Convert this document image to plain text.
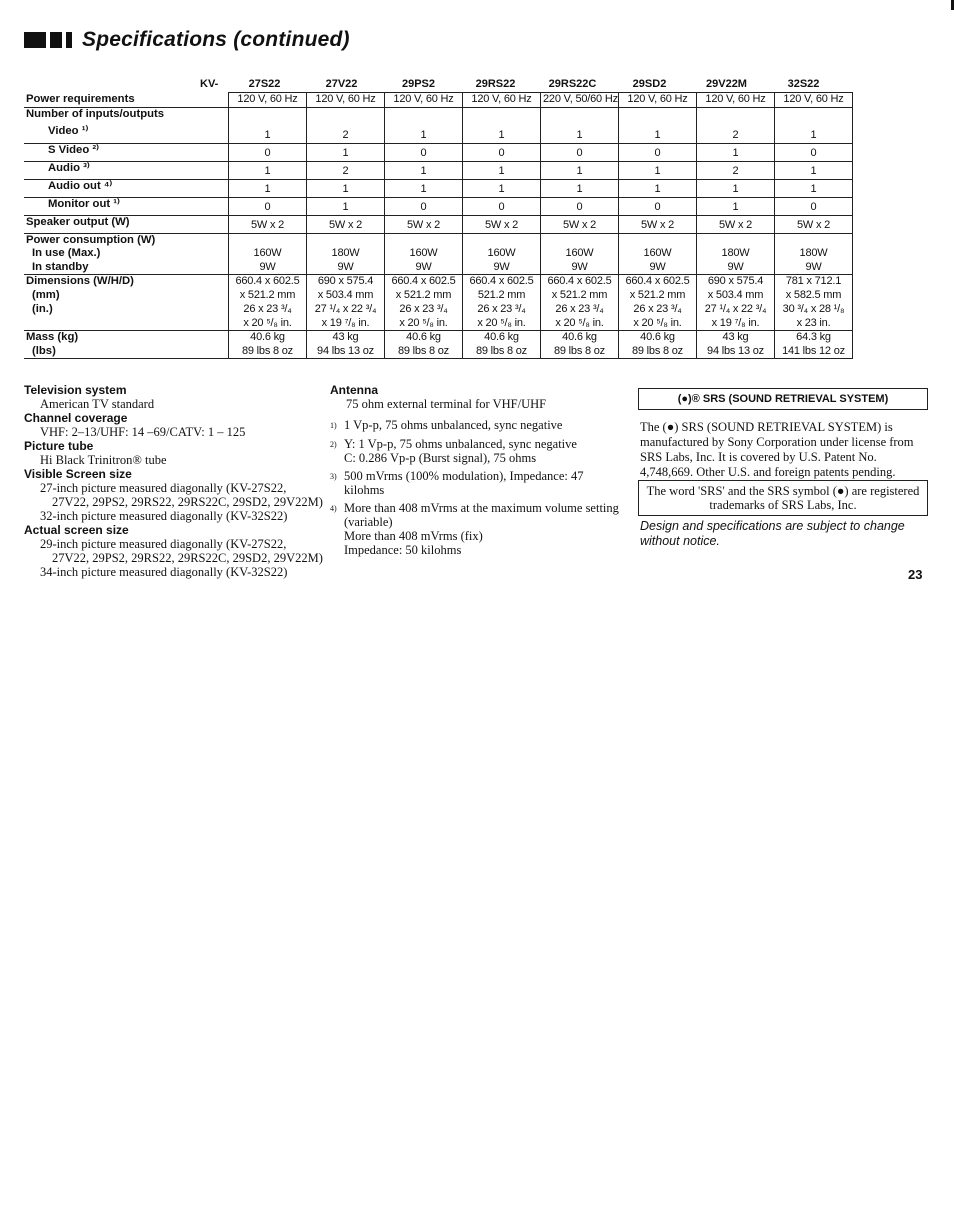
Specifications (continued)
KV-	27S22	27V22	29PS2	29RS22	29RS22C	29SD2	29V22M	32S22
Power requirements	120 V, 60 Hz	120 V, 60 Hz	120 V, 60 Hz	120 V, 60 Hz	220 V, 50/60 Hz	120 V, 60 Hz	120 V, 60 Hz	120 V, 60 Hz
Number of inputs/outputs								
Video ¹⁾	1	2	1	1	1	1	2	1
S Video ²⁾	0	1	0	0	0	0	1	0
Audio ³⁾	1	2	1	1	1	1	2	1
Audio out ⁴⁾	1	1	1	1	1	1	1	1
Monitor out ¹⁾	0	1	0	0	0	0	1	0
Speaker output (W)	5W x 2	5W x 2	5W x 2	5W x 2	5W x 2	5W x 2	5W x 2	5W x 2
Power consumption (W)								
In use (Max.)	160W	180W	160W	160W	160W	160W	180W	180W
In standby	9W	9W	9W	9W	9W	9W	9W	9W
Dimensions (W/H/D)	660.4 x 602.5	690 x 575.4	660.4 x 602.5	660.4 x 602.5	660.4 x 602.5	660.4 x 602.5	690 x 575.4	781 x 712.1
(mm)	x 521.2 mm	x 503.4 mm	x 521.2 mm	521.2 mm	x 521.2 mm	x 521.2 mm	x 503.4 mm	x 582.5 mm
(in.)	26 x 23 ³/₄	27 ¹/₄ x 22 ³/₄	26 x 23 ³/₄	26 x 23 ³/₄	26 x 23 ³/₄	26 x 23 ³/₄	27 ¹/₄ x 22 ³/₄	30 ³/₄ x 28 ¹/₈
	x 20 ⁵/₈ in.	x 19 ⁷/₈ in.	x 20 ⁵/₈ in.	x 20 ⁵/₈ in.	x 20 ⁵/₈ in.	x 20 ⁵/₈ in.	x 19 ⁷/₈ in.	x 23 in.
Mass (kg)	40.6 kg	43 kg	40.6 kg	40.6 kg	40.6 kg	40.6 kg	43 kg	64.3 kg
(lbs)	89 lbs 8 oz	94 lbs 13 oz	89 lbs 8 oz	89 lbs 8 oz	89 lbs 8 oz	89 lbs 8 oz	94 lbs 13 oz	141 lbs 12 oz
Television system

American TV standard

Channel coverage

VHF: 2–13/UHF: 14 –69/CATV: 1 – 125

Picture tube

Hi Black Trinitron® tube

Visible Screen size

27-inch picture measured diagonally (KV-27S22, 27V22, 29PS2, 29RS22, 29RS22C, 29SD2, 29V22M)

32-inch picture measured diagonally (KV-32S22)

Actual screen size

29-inch picture measured diagonally (KV-27S22, 27V22, 29PS2, 29RS22, 29RS22C, 29SD2, 29V22M)

34-inch picture measured diagonally (KV-32S22)

Antenna

75 ohm external terminal for VHF/UHF

1) 1 Vp-p, 75 ohms unbalanced, sync negative
2) Y: 1 Vp-p, 75 ohms unbalanced, sync negative
C: 0.286 Vp-p (Burst signal), 75 ohms
3) 500 mVrms (100% modulation), Impedance: 47 kilohms
4) More than 408 mVrms at the maximum volume setting (variable)
More than 408 mVrms (fix)
Impedance: 50 kilohms
(●)® SRS (SOUND RETRIEVAL SYSTEM)
The (●) SRS (SOUND RETRIEVAL SYSTEM) is manufactured by Sony Corporation under license from SRS Labs, Inc. It is covered by U.S. Patent No. 4,748,669. Other U.S. and foreign patents pending.
The word 'SRS' and the SRS symbol (●) are registered trademarks of SRS Labs, Inc.
Design and specifications are subject to change without notice.
23
